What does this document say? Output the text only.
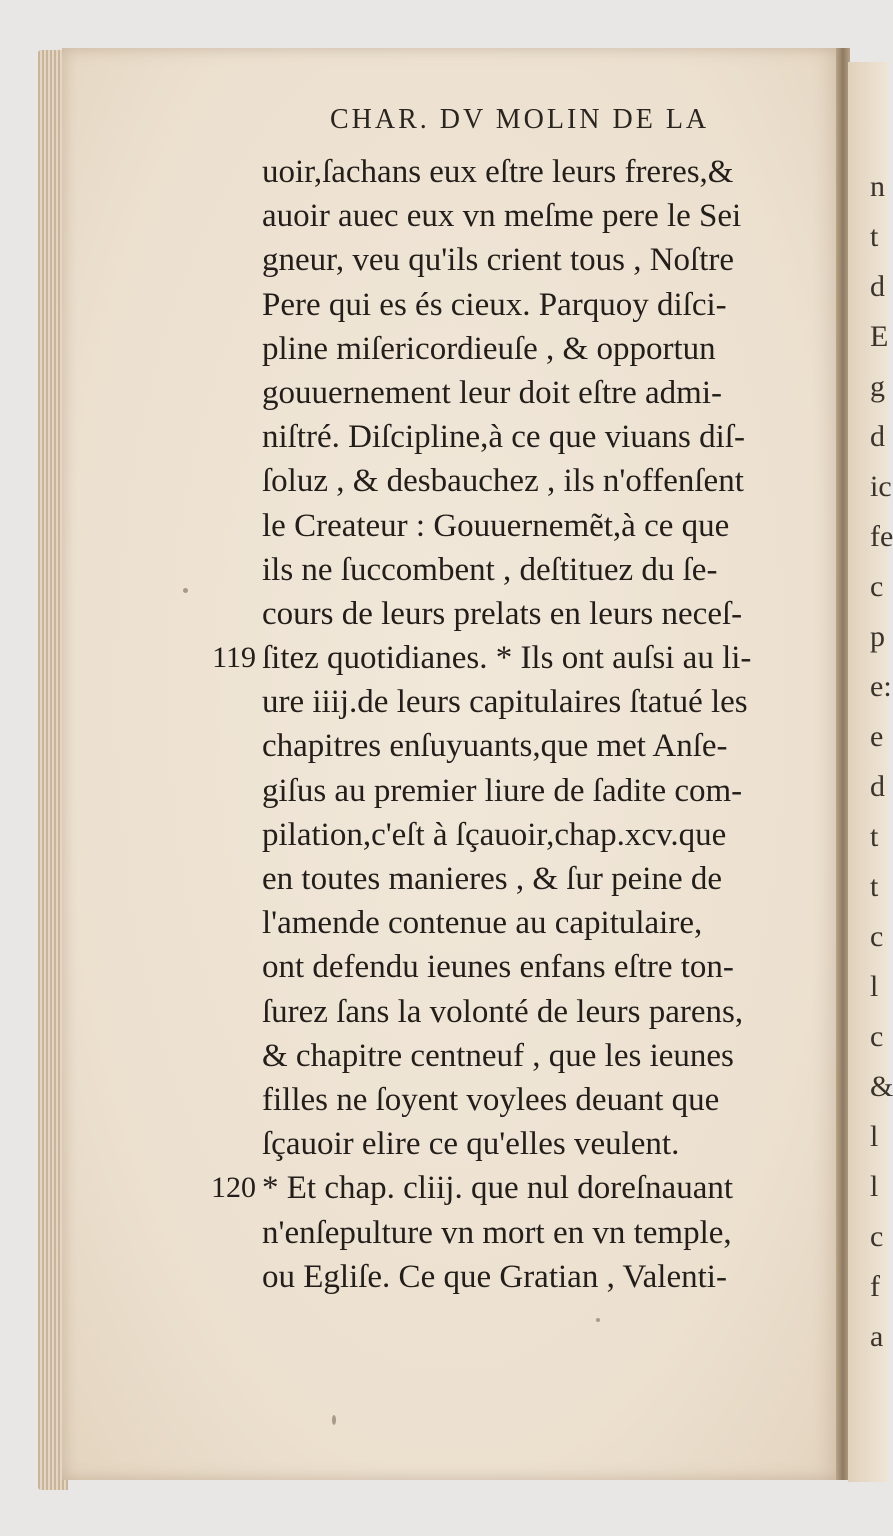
n
t
d
E
g
d
ic
fe
c
p
e:
e
d
t
t
c
l
c
&
l
l
c
f
a
CHAR. DV MOLIN DE LA
uoir,ſachans eux eſtre leurs freres,&
auoir auec eux vn meſme pere le Sei
gneur, veu qu'ils crient tous , Noſtre
Pere qui es és cieux. Parquoy diſci-
pline miſericordieuſe , & opportun
gouuernement leur doit eſtre admi-
niſtré. Diſcipline,à ce que viuans diſ-
ſoluz , & desbauchez , ils n'offenſent
le Createur : Gouuernemẽt,à ce que
ils ne ſuccombent , deſtituez du ſe-
cours de leurs prelats en leurs neceſ-
ſitez quotidianes. * Ils ont auſsi au li-
119
ure iiij.de leurs capitulaires ſtatué les
chapitres enſuyuants,que met Anſe-
giſus au premier liure de ſadite com-
pilation,c'eſt à ſçauoir,chap.xcv.que
en toutes manieres , & ſur peine de
l'amende contenue au capitulaire,
ont defendu ieunes enfans eſtre ton-
ſurez ſans la volonté de leurs parens,
& chapitre centneuf , que les ieunes
filles ne ſoyent voylees deuant que
ſçauoir elire ce qu'elles veulent.
* Et chap. cliij. que nul doreſnauant
120
n'enſepulture vn mort en vn temple,
ou Egliſe. Ce que Gratian , Valenti-
